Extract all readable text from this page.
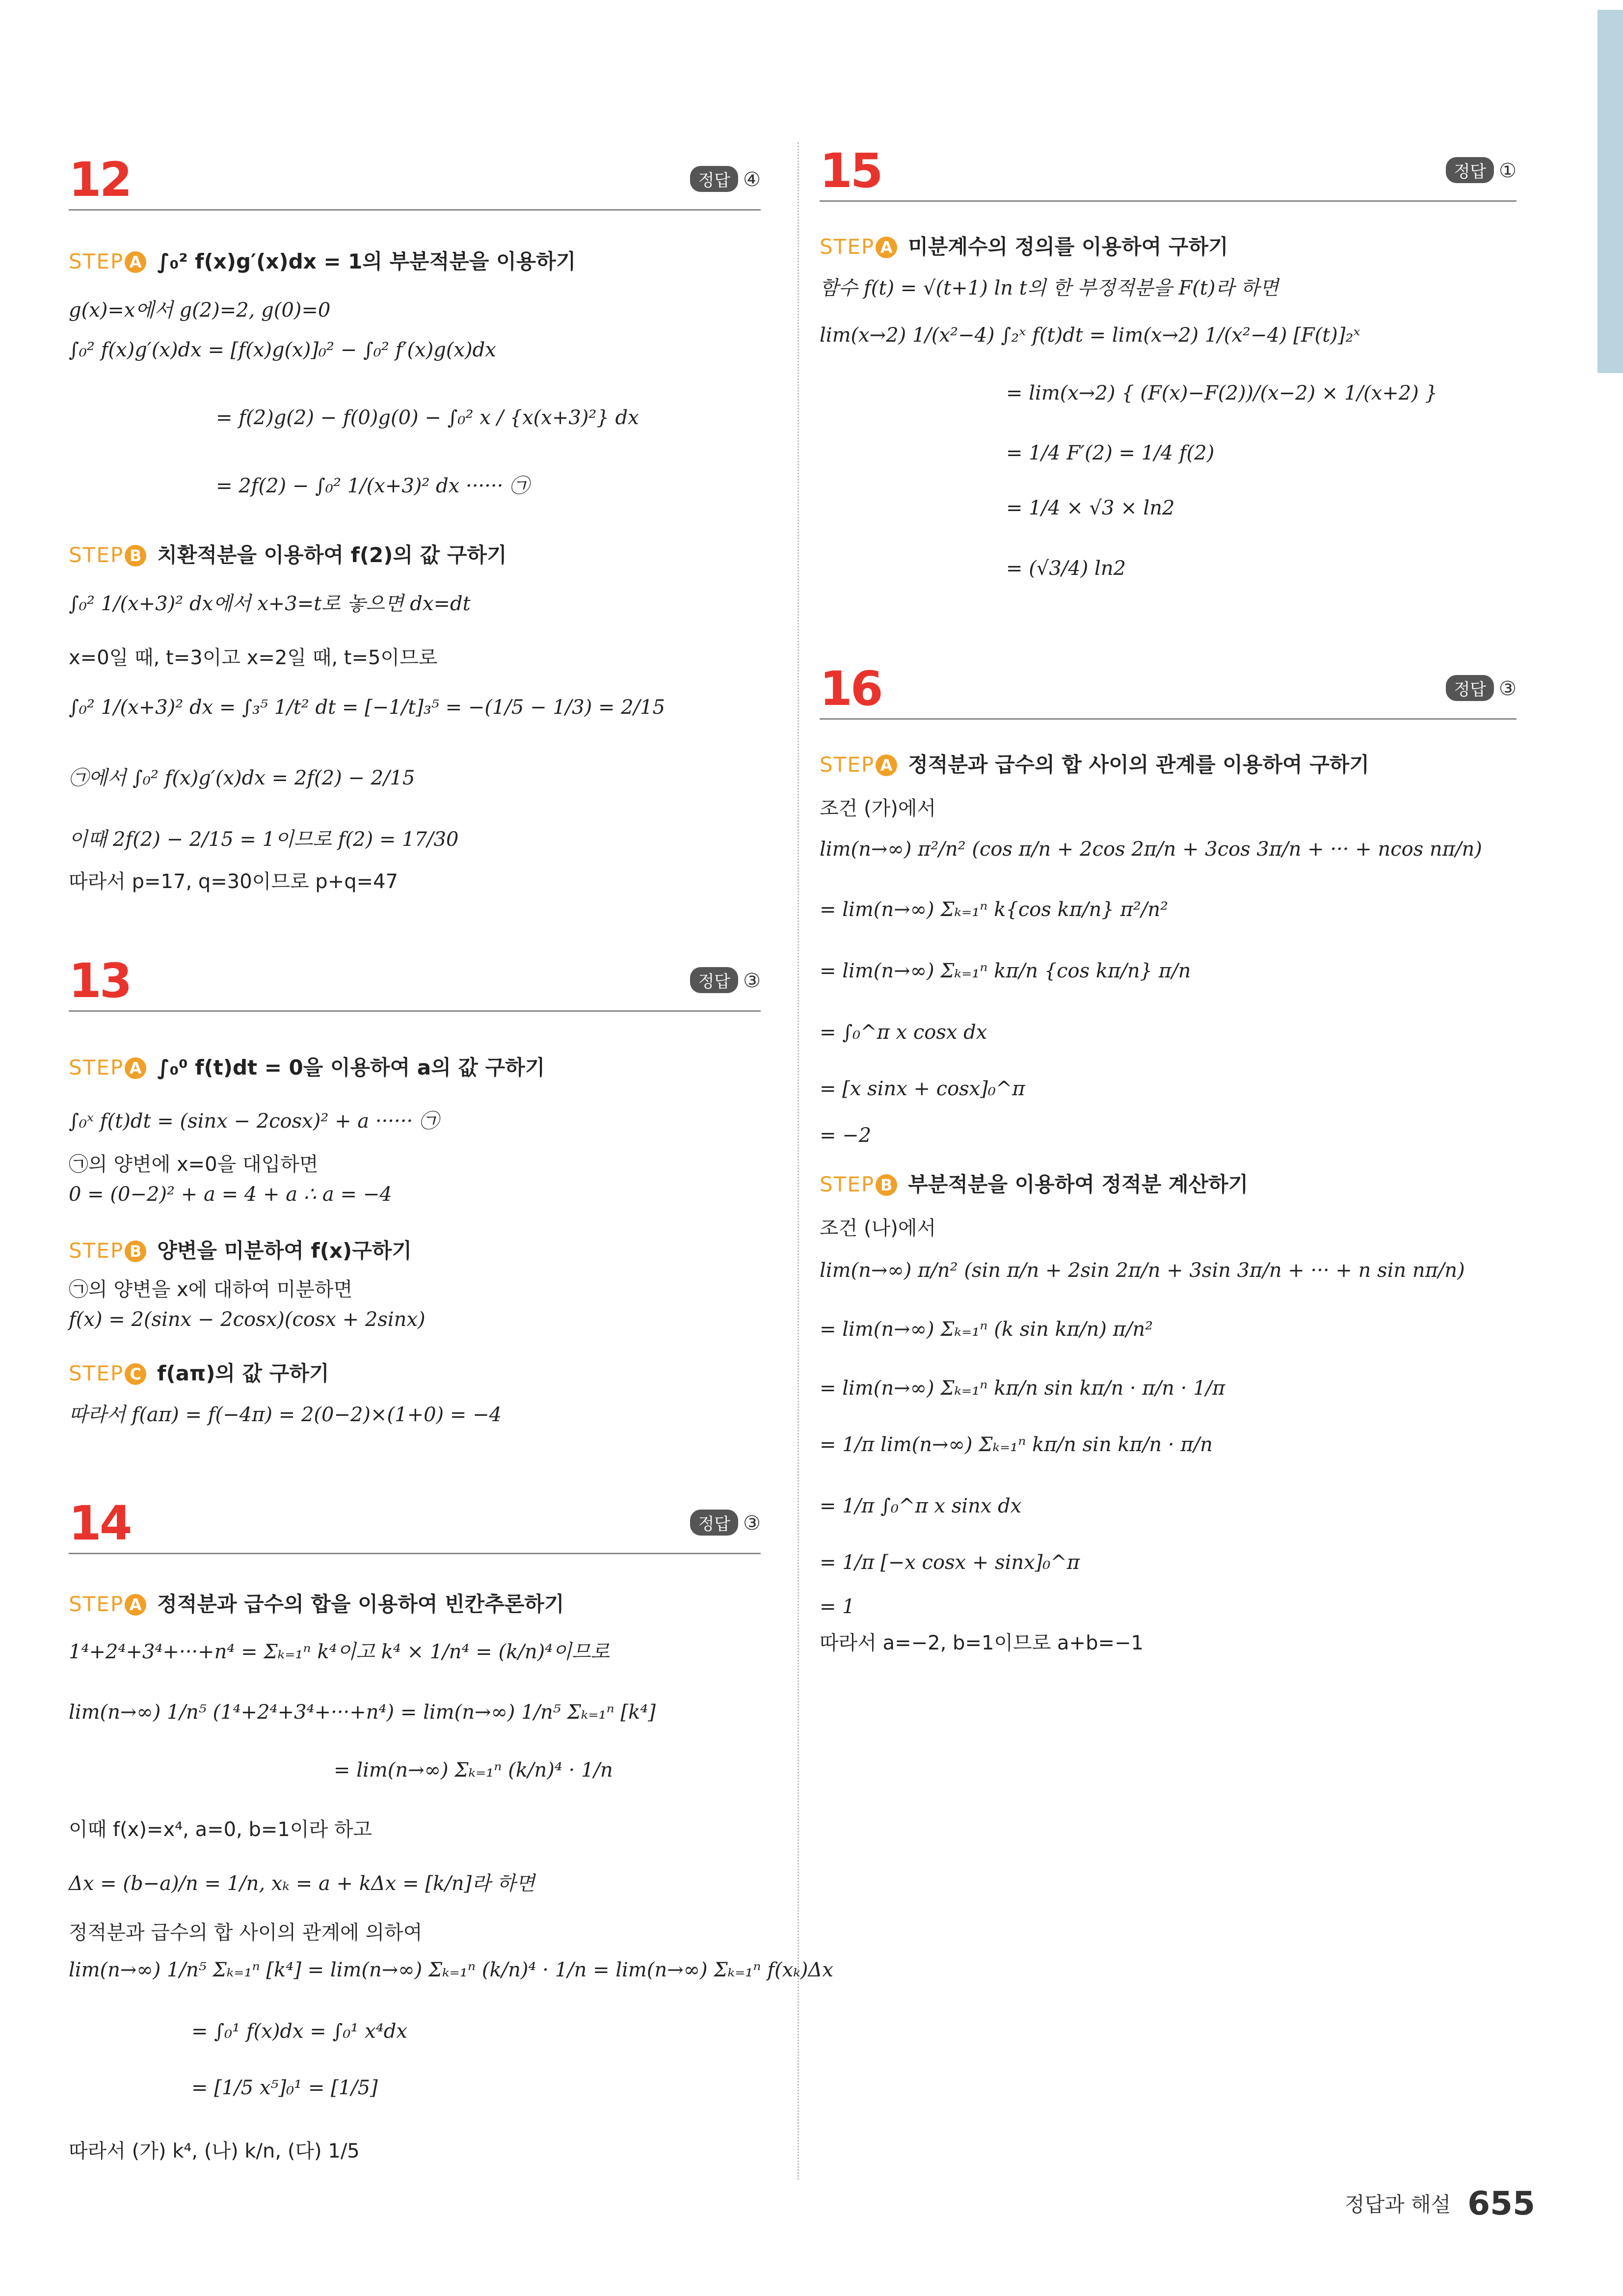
12	정답 ④
STEP A ∫₀² f(x)g′(x)dx = 1의 부분적분을 이용하기
g(x)=x에서 g(2)=2, g(0)=0
∫₀² f(x)g′(x)dx = [f(x)g(x)]₀² − ∫₀² f′(x)g(x)dx
= f(2)g(2) − f(0)g(0) − ∫₀² x / {x(x+3)²} dx
= 2f(2) − ∫₀² 1/(x+3)² dx ······ ㉠
STEP B 치환적분을 이용하여 f(2)의 값 구하기
∫₀² 1/(x+3)² dx에서 x+3=t로 놓으면 dx=dt
x=0일 때, t=3이고 x=2일 때, t=5이므로
∫₀² 1/(x+3)² dx = ∫₃⁵ 1/t² dt = [−1/t]₃⁵ = −(1/5 − 1/3) = 2/15
㉠에서 ∫₀² f(x)g′(x)dx = 2f(2) − 2/15
이때 2f(2) − 2/15 = 1이므로 f(2) = 17/30
따라서 p=17, q=30이므로 p+q=47
13	정답 ③
STEP A ∫₀⁰ f(t)dt = 0을 이용하여 a의 값 구하기
∫₀ˣ f(t)dt = (sinx − 2cosx)² + a ······ ㉠
㉠의 양변에 x=0을 대입하면
0 = (0−2)² + a = 4 + a ∴ a = −4
STEP B 양변을 미분하여 f(x)구하기
㉠의 양변을 x에 대하여 미분하면
f(x) = 2(sinx − 2cosx)(cosx + 2sinx)
STEP C f(aπ)의 값 구하기
따라서 f(aπ) = f(−4π) = 2(0−2)×(1+0) = −4
14	정답 ③
STEP A 정적분과 급수의 합을 이용하여 빈칸추론하기
1⁴+2⁴+3⁴+···+n⁴ = Σₖ₌₁ⁿ k⁴이고 k⁴ × 1/n⁴ = (k/n)⁴이므로
lim(n→∞) 1/n⁵ (1⁴+2⁴+3⁴+···+n⁴) = lim(n→∞) 1/n⁵ Σₖ₌₁ⁿ [k⁴]
= lim(n→∞) Σₖ₌₁ⁿ (k/n)⁴ · 1/n
이때 f(x)=x⁴, a=0, b=1이라 하고
Δx = (b−a)/n = 1/n, xₖ = a + kΔx = [k/n]라 하면
정적분과 급수의 합 사이의 관계에 의하여
lim(n→∞) 1/n⁵ Σₖ₌₁ⁿ [k⁴] = lim(n→∞) Σₖ₌₁ⁿ (k/n)⁴ · 1/n = lim(n→∞) Σₖ₌₁ⁿ f(xₖ)Δx
= ∫₀¹ f(x)dx = ∫₀¹ x⁴dx
= [1/5 x⁵]₀¹ = [1/5]
따라서 (가) k⁴, (나) k/n, (다) 1/5
15	정답 ①
STEP A 미분계수의 정의를 이용하여 구하기
함수 f(t) = √(t+1) ln t의 한 부정적분을 F(t)라 하면
lim(x→2) 1/(x²−4) ∫₂ˣ f(t)dt = lim(x→2) 1/(x²−4) [F(t)]₂ˣ
= lim(x→2) { (F(x)−F(2))/(x−2) × 1/(x+2) }
= 1/4 F′(2) = 1/4 f(2)
= 1/4 × √3 × ln2
= (√3/4) ln2
16	정답 ③
STEP A 정적분과 급수의 합 사이의 관계를 이용하여 구하기
조건 (가)에서
lim(n→∞) π²/n² (cos π/n + 2cos 2π/n + 3cos 3π/n + ··· + ncos nπ/n)
= lim(n→∞) Σₖ₌₁ⁿ k{cos kπ/n} π²/n²
= lim(n→∞) Σₖ₌₁ⁿ kπ/n {cos kπ/n} π/n
= ∫₀^π x cosx dx
= [x sinx + cosx]₀^π
= −2
STEP B 부분적분을 이용하여 정적분 계산하기
조건 (나)에서
lim(n→∞) π/n² (sin π/n + 2sin 2π/n + 3sin 3π/n + ··· + n sin nπ/n)
= lim(n→∞) Σₖ₌₁ⁿ (k sin kπ/n) π/n²
= lim(n→∞) Σₖ₌₁ⁿ kπ/n sin kπ/n · π/n · 1/π
= 1/π lim(n→∞) Σₖ₌₁ⁿ kπ/n sin kπ/n · π/n
= 1/π ∫₀^π x sinx dx
= 1/π [−x cosx + sinx]₀^π
= 1
따라서 a=−2, b=1이므로 a+b=−1
정답과 해설 655
